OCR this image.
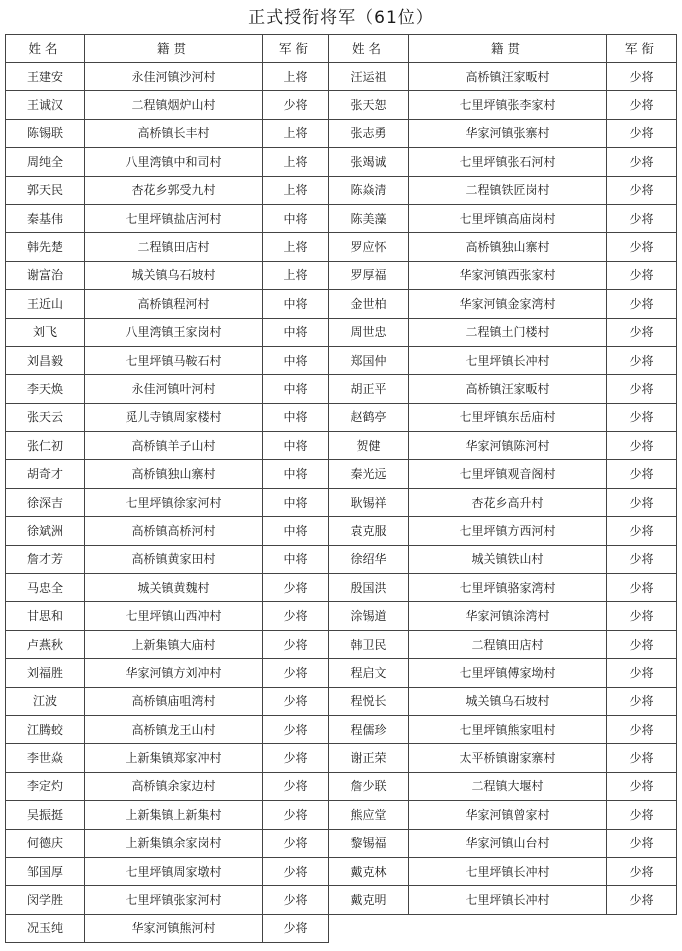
正式授衔将军（61位）
姓名	籍贯	军衔	姓名	籍贯	军衔
王建安	永佳河镇沙河村	上将	汪运祖	高桥镇汪家畈村	少将
王诚汉	二程镇烟炉山村	少将	张天恕	七里坪镇张李家村	少将
陈锡联	高桥镇长丰村	上将	张志勇	华家河镇张寨村	少将
周纯全	八里湾镇中和司村	上将	张竭诚	七里坪镇张石河村	少将
郭天民	杏花乡郭受九村	上将	陈焱清	二程镇铁匠岗村	少将
秦基伟	七里坪镇盐店河村	中将	陈美藻	七里坪镇高庙岗村	少将
韩先楚	二程镇田店村	上将	罗应怀	高桥镇独山寨村	少将
谢富治	城关镇乌石坡村	上将	罗厚福	华家河镇西张家村	少将
王近山	高桥镇程河村	中将	金世柏	华家河镇金家湾村	少将
刘飞	八里湾镇王家岗村	中将	周世忠	二程镇土门楼村	少将
刘昌毅	七里坪镇马鞍石村	中将	郑国仲	七里坪镇长冲村	少将
李天焕	永佳河镇叶河村	中将	胡正平	高桥镇汪家畈村	少将
张天云	觅儿寺镇周家楼村	中将	赵鹤亭	七里坪镇东岳庙村	少将
张仁初	高桥镇羊子山村	中将	贺健	华家河镇陈河村	少将
胡奇才	高桥镇独山寨村	中将	秦光远	七里坪镇观音阁村	少将
徐深吉	七里坪镇徐家河村	中将	耿锡祥	杏花乡高升村	少将
徐斌洲	高桥镇高桥河村	中将	袁克服	七里坪镇方西河村	少将
詹才芳	高桥镇黄家田村	中将	徐绍华	城关镇铁山村	少将
马忠全	城关镇黄魏村	少将	殷国洪	七里坪镇骆家湾村	少将
甘思和	七里坪镇山西冲村	少将	涂锡道	华家河镇涂湾村	少将
卢燕秋	上新集镇大庙村	少将	韩卫民	二程镇田店村	少将
刘福胜	华家河镇方刘冲村	少将	程启文	七里坪镇傅家坳村	少将
江波	高桥镇庙咀湾村	少将	程悦长	城关镇乌石坡村	少将
江腾蛟	高桥镇龙王山村	少将	程儒珍	七里坪镇熊家咀村	少将
李世焱	上新集镇郑家冲村	少将	谢正荣	太平桥镇谢家寨村	少将
李定灼	高桥镇余家边村	少将	詹少联	二程镇大堰村	少将
吴振挺	上新集镇上新集村	少将	熊应堂	华家河镇曾家村	少将
何德庆	上新集镇余家岗村	少将	黎锡福	华家河镇山台村	少将
邹国厚	七里坪镇周家墩村	少将	戴克林	七里坪镇长冲村	少将
闵学胜	七里坪镇张家河村	少将	戴克明	七里坪镇长冲村	少将
况玉纯	华家河镇熊河村	少将			
